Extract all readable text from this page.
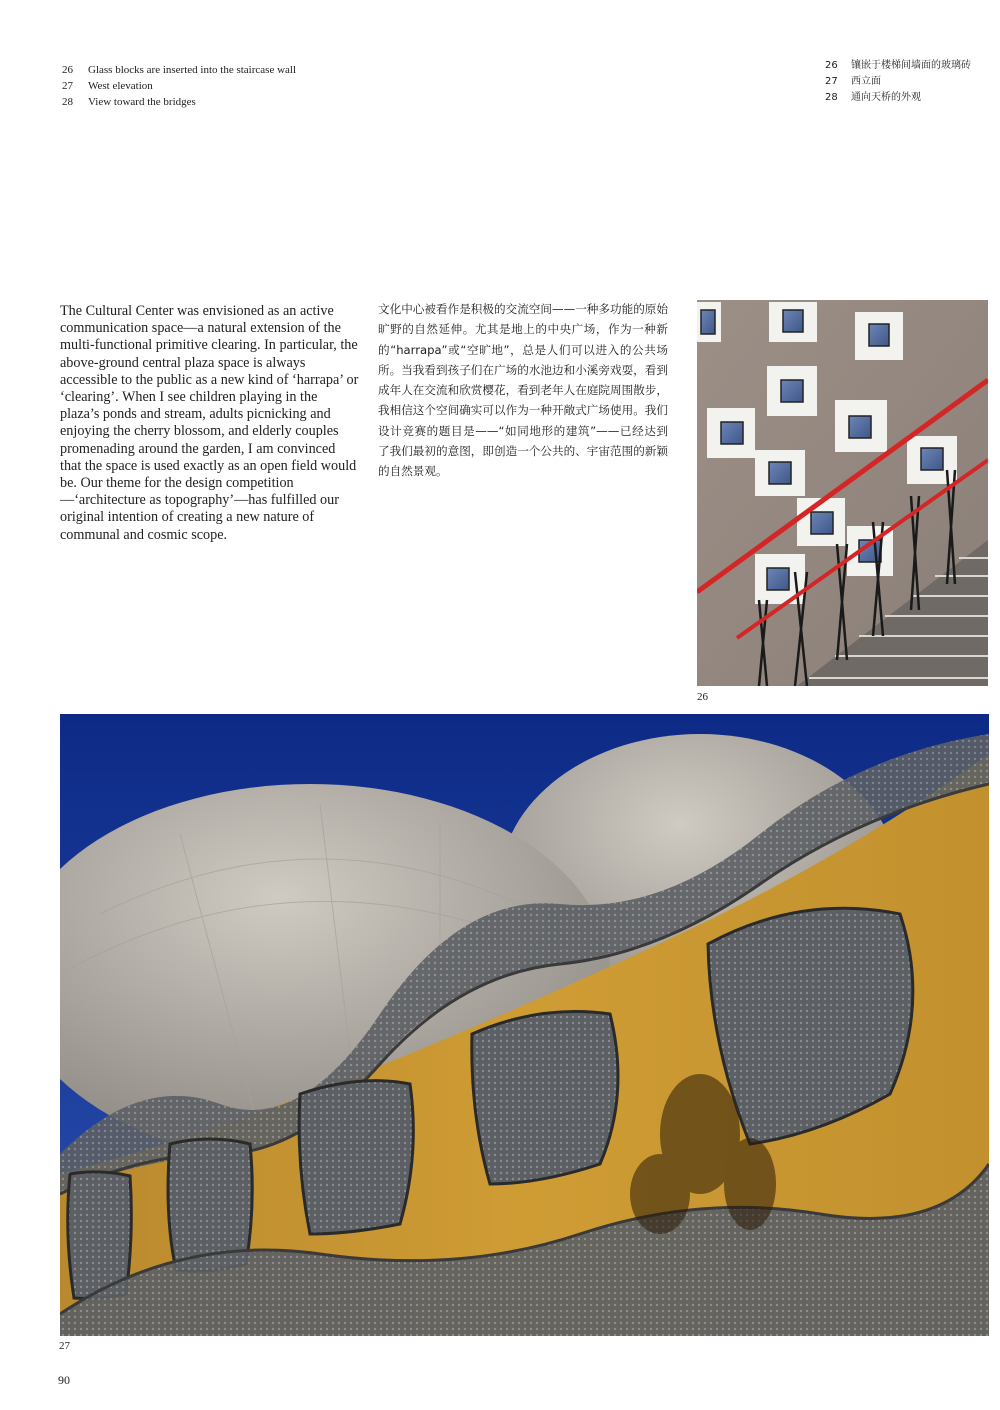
26	Glass blocks are inserted into the staircase wall
27	West elevation
28	View toward the bridges
26	镶嵌于楼梯间墙面的玻璃砖
27	西立面
28	通向天桥的外观

The Cultural Center was envisioned as an active communication space—a natural extension of the multi-functional primitive clearing. In particular, the above-ground central plaza space is always accessible to the public as a new kind of ‘harrapa’ or ‘clearing’. When I see children playing in the plaza’s ponds and stream, adults picnicking and enjoying the cherry blossom, and elderly couples promenading around the garden, I am convinced that the space is used exactly as an open field would be. Our theme for the design competition—‘architecture as topography’—has fulfilled our original intention of creating a new nature of communal and cosmic scope.

文化中心被看作是积极的交流空间——一种多功能的原始旷野的自然延伸。尤其是地上的中央广场，作为一种新的“harrapa”或“空旷地”，总是人们可以进入的公共场所。当我看到孩子们在广场的水池边和小溪旁戏耍，看到成年人在交流和欣赏樱花，看到老年人在庭院周围散步，我相信这个空间确实可以作为一种开敞式广场使用。我们设计竞赛的题目是——“如同地形的建筑”——已经达到了我们最初的意图，即创造一个公共的、宇宙范围的新颖的自然景观。

26
27
90
